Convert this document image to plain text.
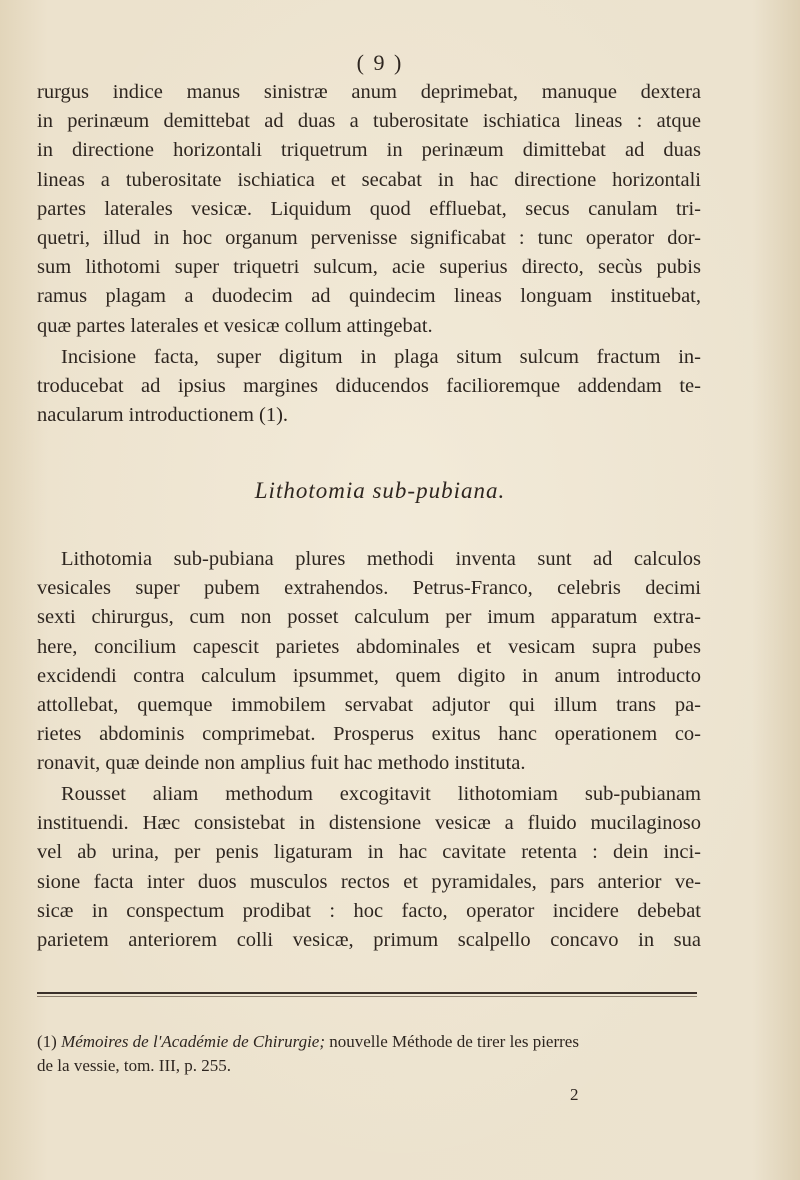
( 9 )
rurgus indice manus sinistræ anum deprimebat, manuque dextera
in perinæum demittebat ad duas a tuberositate ischiatica lineas : atque
in directione horizontali triquetrum in perinæum dimittebat ad duas
lineas a tuberositate ischiatica et secabat in hac directione horizontali
partes laterales vesicæ. Liquidum quod effluebat, secus canulam tri-
quetri, illud in hoc organum pervenisse significabat : tunc operator dor-
sum lithotomi super triquetri sulcum, acie superius directo, secùs pubis
ramus plagam a duodecim ad quindecim lineas longuam instituebat,
quæ partes laterales et vesicæ collum attingebat.
Incisione facta, super digitum in plaga situm sulcum fractum in-
troducebat ad ipsius margines diducendos facilioremque addendam te-
nacularum introductionem (1).
Lithotomia sub-pubiana.
Lithotomia sub-pubiana plures methodi inventa sunt ad calculos
vesicales super pubem extrahendos. Petrus-Franco, celebris decimi
sexti chirurgus, cum non posset calculum per imum apparatum extra-
here, concilium capescit parietes abdominales et vesicam supra pubes
excidendi contra calculum ipsummet, quem digito in anum introducto
attollebat, quemque immobilem servabat adjutor qui illum trans pa-
rietes abdominis comprimebat. Prosperus exitus hanc operationem co-
ronavit, quæ deinde non amplius fuit hac methodo instituta.
Rousset aliam methodum excogitavit lithotomiam sub-pubianam
instituendi. Hæc consistebat in distensione vesicæ a fluido mucilaginoso
vel ab urina, per penis ligaturam in hac cavitate retenta : dein inci-
sione facta inter duos musculos rectos et pyramidales, pars anterior ve-
sicæ in conspectum prodibat : hoc facto, operator incidere debebat
parietem anteriorem colli vesicæ, primum scalpello concavo in sua
(1) Mémoires de l'Académie de Chirurgie; nouvelle Méthode de tirer les pierres
de la vessie, tom. III, p. 255.
2
